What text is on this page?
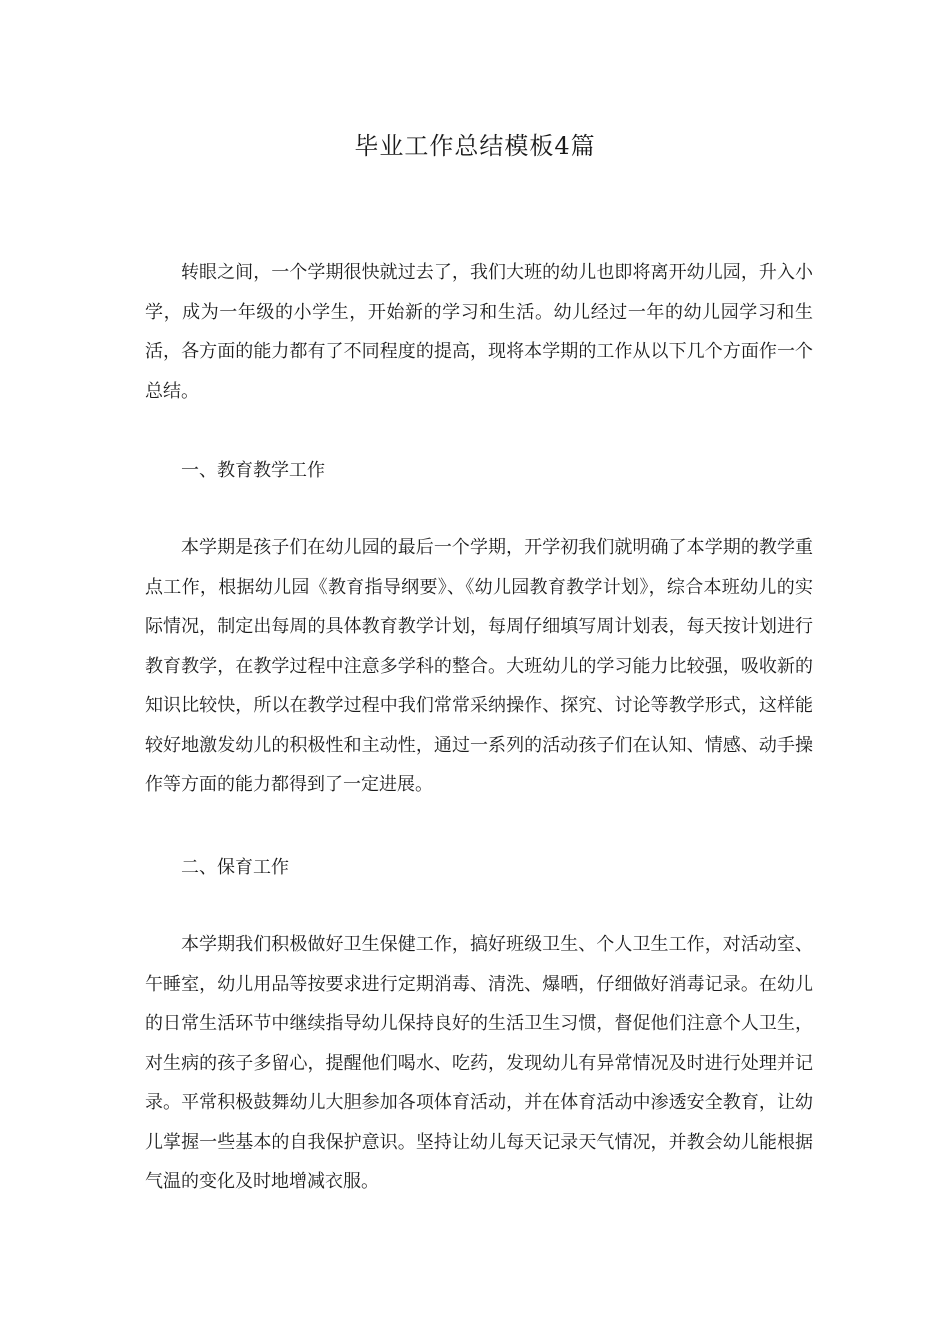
毕业工作总结模板4篇

转眼之间，一个学期很快就过去了，我们大班的幼儿也即将离开幼儿园，升入小学，成为一年级的小学生，开始新的学习和生活。幼儿经过一年的幼儿园学习和生活，各方面的能力都有了不同程度的提高，现将本学期的工作从以下几个方面作一个总结。

一、教育教学工作

本学期是孩子们在幼儿园的最后一个学期，开学初我们就明确了本学期的教学重点工作，根据幼儿园《教育指导纲要》、《幼儿园教育教学计划》，综合本班幼儿的实际情况，制定出每周的具体教育教学计划，每周仔细填写周计划表，每天按计划进行教育教学，在教学过程中注意多学科的整合。大班幼儿的学习能力比较强，吸收新的知识比较快，所以在教学过程中我们常常采纳操作、探究、讨论等教学形式，这样能较好地激发幼儿的积极性和主动性，通过一系列的活动孩子们在认知、情感、动手操作等方面的能力都得到了一定进展。

二、保育工作

本学期我们积极做好卫生保健工作，搞好班级卫生、个人卫生工作，对活动室、午睡室，幼儿用品等按要求进行定期消毒、清洗、爆晒，仔细做好消毒记录。在幼儿的日常生活环节中继续指导幼儿保持良好的生活卫生习惯，督促他们注意个人卫生，对生病的孩子多留心，提醒他们喝水、吃药，发现幼儿有异常情况及时进行处理并记录。平常积极鼓舞幼儿大胆参加各项体育活动，并在体育活动中渗透安全教育，让幼儿掌握一些基本的自我保护意识。坚持让幼儿每天记录天气情况，并教会幼儿能根据气温的变化及时地增减衣服。
